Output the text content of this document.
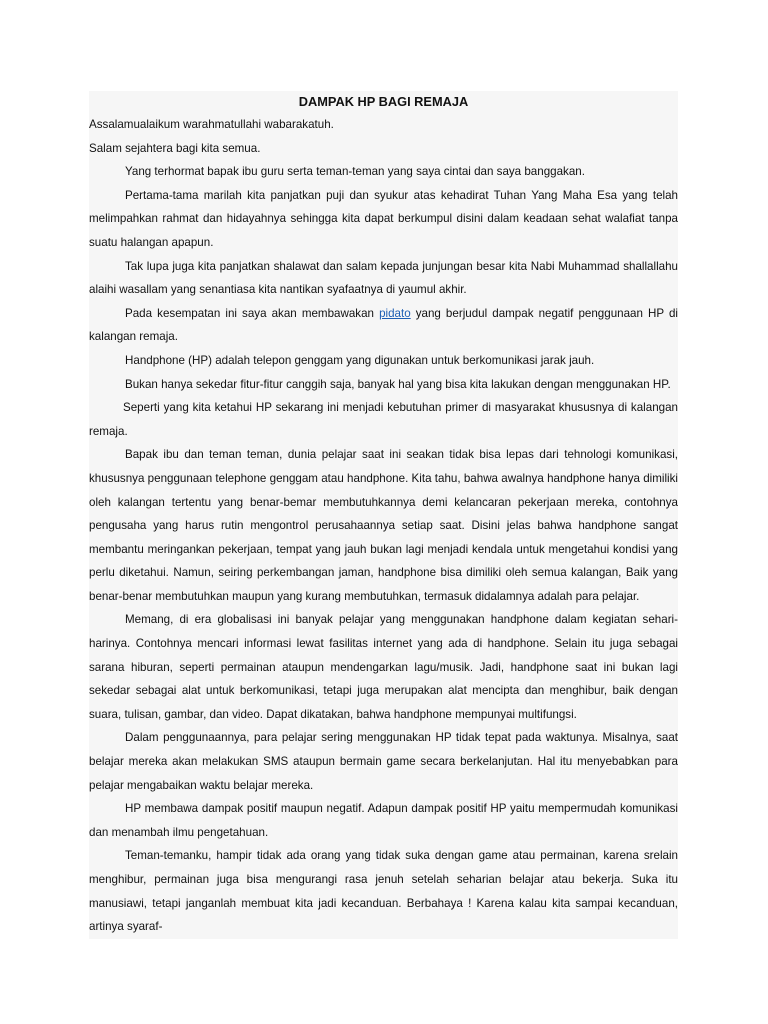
DAMPAK HP BAGI REMAJA

Assalamualaikum warahmatullahi wabarakatuh.

Salam sejahtera bagi kita semua.

Yang terhormat bapak ibu guru serta teman-teman yang saya cintai dan saya banggakan.

Pertama-tama marilah kita panjatkan puji dan syukur atas kehadirat Tuhan Yang Maha Esa yang telah melimpahkan rahmat dan hidayahnya sehingga kita dapat berkumpul disini dalam keadaan sehat walafiat tanpa suatu halangan apapun.

Tak lupa juga kita panjatkan shalawat dan salam kepada junjungan besar kita Nabi Muhammad shallallahu alaihi wasallam yang senantiasa kita nantikan syafaatnya di yaumul akhir.

Pada kesempatan ini saya akan membawakan pidato yang berjudul dampak negatif penggunaan HP di kalangan remaja.

Handphone (HP) adalah telepon genggam yang digunakan untuk berkomunikasi jarak jauh.

Bukan hanya sekedar fitur-fitur canggih saja, banyak hal yang bisa kita lakukan dengan menggunakan HP.

Seperti yang kita ketahui HP sekarang ini menjadi kebutuhan primer di masyarakat khususnya di kalangan remaja.

Bapak ibu dan teman teman, dunia pelajar saat ini seakan tidak bisa lepas dari tehnologi komunikasi, khususnya penggunaan telephone genggam atau handphone. Kita tahu, bahwa awalnya handphone hanya dimiliki oleh kalangan tertentu yang benar-bemar membutuhkannya demi kelancaran pekerjaan mereka, contohnya pengusaha yang harus rutin mengontrol perusahaannya setiap saat. Disini jelas bahwa handphone sangat membantu meringankan pekerjaan, tempat yang jauh bukan lagi menjadi kendala untuk mengetahui kondisi yang perlu diketahui. Namun, seiring perkembangan jaman, handphone bisa dimiliki oleh semua kalangan, Baik yang benar-benar membutuhkan maupun yang kurang membutuhkan, termasuk didalamnya adalah para pelajar.

Memang, di era globalisasi ini banyak pelajar yang menggunakan handphone dalam kegiatan sehari-harinya. Contohnya mencari informasi lewat fasilitas internet yang ada di handphone. Selain itu juga sebagai sarana hiburan, seperti permainan ataupun mendengarkan lagu/musik. Jadi, handphone saat ini bukan lagi sekedar sebagai alat untuk berkomunikasi, tetapi juga merupakan alat mencipta dan menghibur, baik dengan suara, tulisan, gambar, dan video. Dapat dikatakan, bahwa handphone mempunyai multifungsi.

Dalam penggunaannya, para pelajar sering menggunakan HP tidak tepat pada waktunya. Misalnya, saat belajar mereka akan melakukan SMS ataupun bermain game secara berkelanjutan. Hal itu menyebabkan para pelajar mengabaikan waktu belajar mereka.

HP membawa dampak positif maupun negatif. Adapun dampak positif HP yaitu mempermudah komunikasi dan menambah ilmu pengetahuan.

Teman-temanku, hampir tidak ada orang yang tidak suka dengan game atau permainan, karena srelain menghibur, permainan juga bisa mengurangi rasa jenuh setelah seharian belajar atau bekerja. Suka itu manusiawi, tetapi janganlah membuat kita jadi kecanduan. Berbahaya ! Karena kalau kita sampai kecanduan, artinya syaraf-
